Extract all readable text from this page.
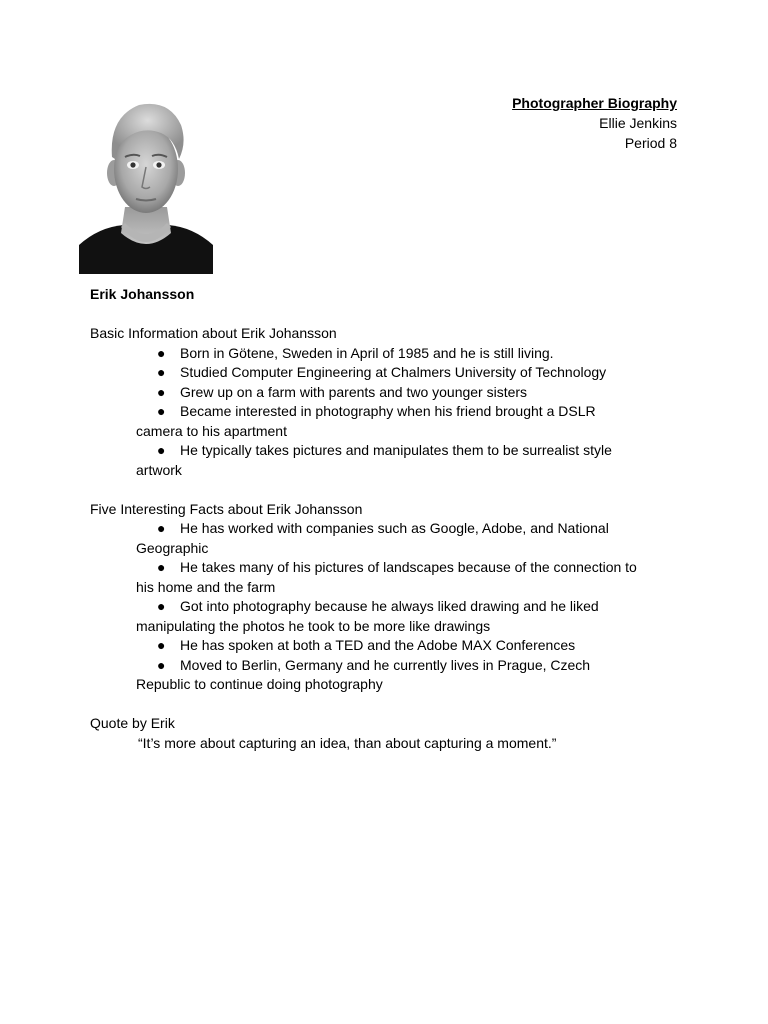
Photographer Biography
Ellie Jenkins
Period 8

Erik Johansson

Basic Information about Erik Johansson

● Born in Götene, Sweden in April of 1985 and he is still living.
● Studied Computer Engineering at Chalmers University of Technology
● Grew up on a farm with parents and two younger sisters
● Became interested in photography when his friend brought a DSLR
camera to his apartment
● He typically takes pictures and manipulates them to be surrealist style
artwork

Five Interesting Facts about Erik Johansson

● He has worked with companies such as Google, Adobe, and National
Geographic
● He takes many of his pictures of landscapes because of the connection to
his home and the farm
● Got into photography because he always liked drawing and he liked
manipulating the photos he took to be more like drawings
● He has spoken at both a TED and the Adobe MAX Conferences
● Moved to Berlin, Germany and he currently lives in Prague, Czech
Republic to continue doing photography

Quote by Erik

“It’s more about capturing an idea, than about capturing a moment.”
